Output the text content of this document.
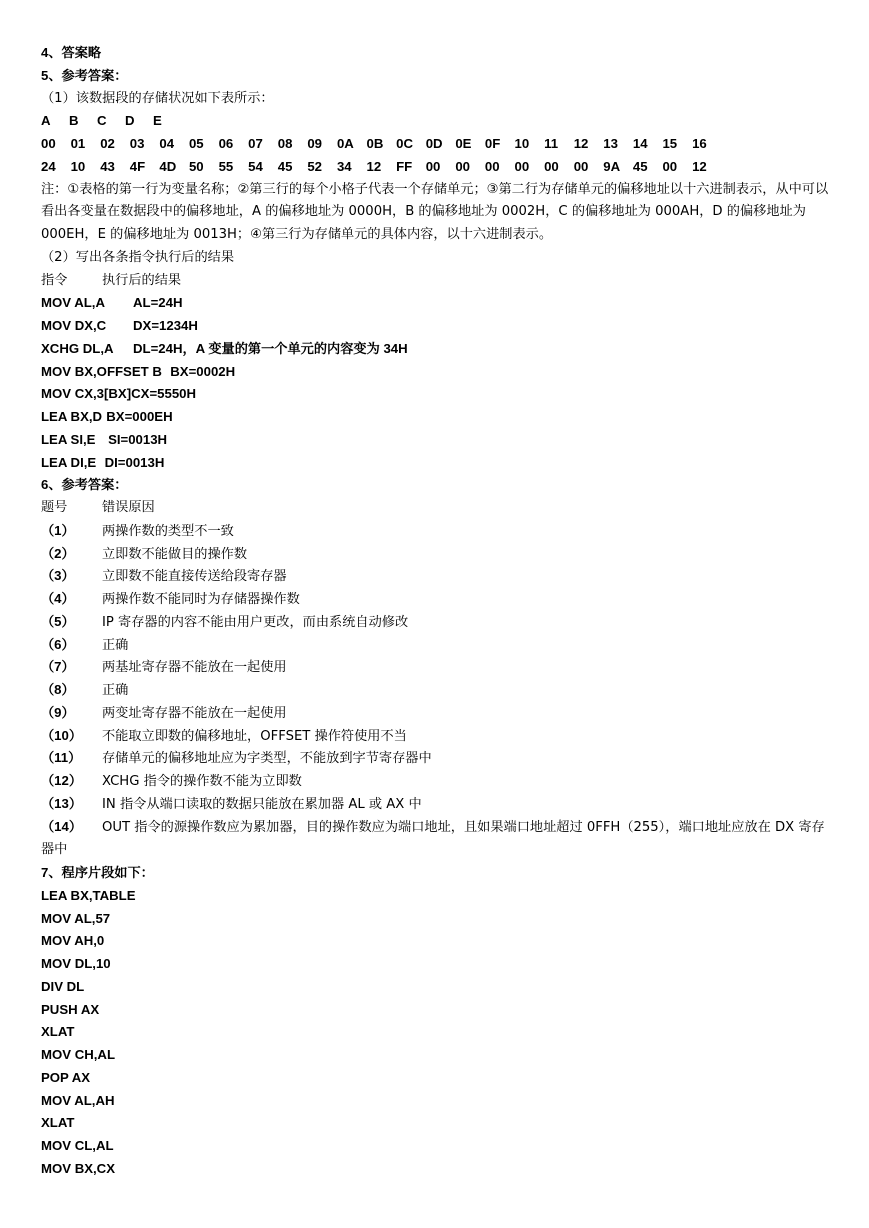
4、答案略
5、参考答案：
（1）该数据段的存储状况如下表所示：
A B C D E
00 01 02 03 04 05 06 07 08 09 0A 0B 0C 0D 0E 0F 10 11 12 13 14 15 16
24 10 43 4F 4D 50 55 54 45 52 34 12 FF 00 00 00 00 00 00 9A 45 00 12
注：①表格的第一行为变量名称；②第三行的每个小格子代表一个存储单元；③第二行为存储单元的偏移地址以十六进制表示，从中可以看出各变量在数据段中的偏移地址，A 的偏移地址为 0000H，B 的偏移地址为 0002H，C 的偏移地址为 000AH，D 的偏移地址为 000EH，E 的偏移地址为 0013H；④第三行为存储单元的具体内容，以十六进制表示。
（2）写出各条指令执行后的结果
指令	执行后的结果
MOV AL,A AL=24H
MOV DX,C DX=1234H
XCHG DL,A DL=24H，A 变量的第一个单元的内容变为 34H
MOV BX,OFFSET B BX=0002H
MOV CX,3[BX]CX=5550H
LEA BX,D BX=000EH
LEA SI,E SI=0013H
LEA DI,E DI=0013H
6、参考答案：
题号	错误原因
（1） 两操作数的类型不一致
（2） 立即数不能做目的操作数
（3） 立即数不能直接传送给段寄存器
（4） 两操作数不能同时为存储器操作数
（5） IP 寄存器的内容不能由用户更改，而由系统自动修改
（6） 正确
（7） 两基址寄存器不能放在一起使用
（8） 正确
（9） 两变址寄存器不能放在一起使用
（10） 不能取立即数的偏移地址，OFFSET 操作符使用不当
（11） 存储单元的偏移地址应为字类型，不能放到字节寄存器中
（12） XCHG 指令的操作数不能为立即数
（13） IN 指令从端口读取的数据只能放在累加器 AL 或 AX 中
（14） OUT 指令的源操作数应为累加器，目的操作数应为端口地址，且如果端口地址超过 0FFH（255），端口地址应放在 DX 寄存器中
7、程序片段如下：
LEA BX,TABLE
MOV AL,57
MOV AH,0
MOV DL,10
DIV DL
PUSH AX
XLAT
MOV CH,AL
POP AX
MOV AL,AH
XLAT
MOV CL,AL
MOV BX,CX
